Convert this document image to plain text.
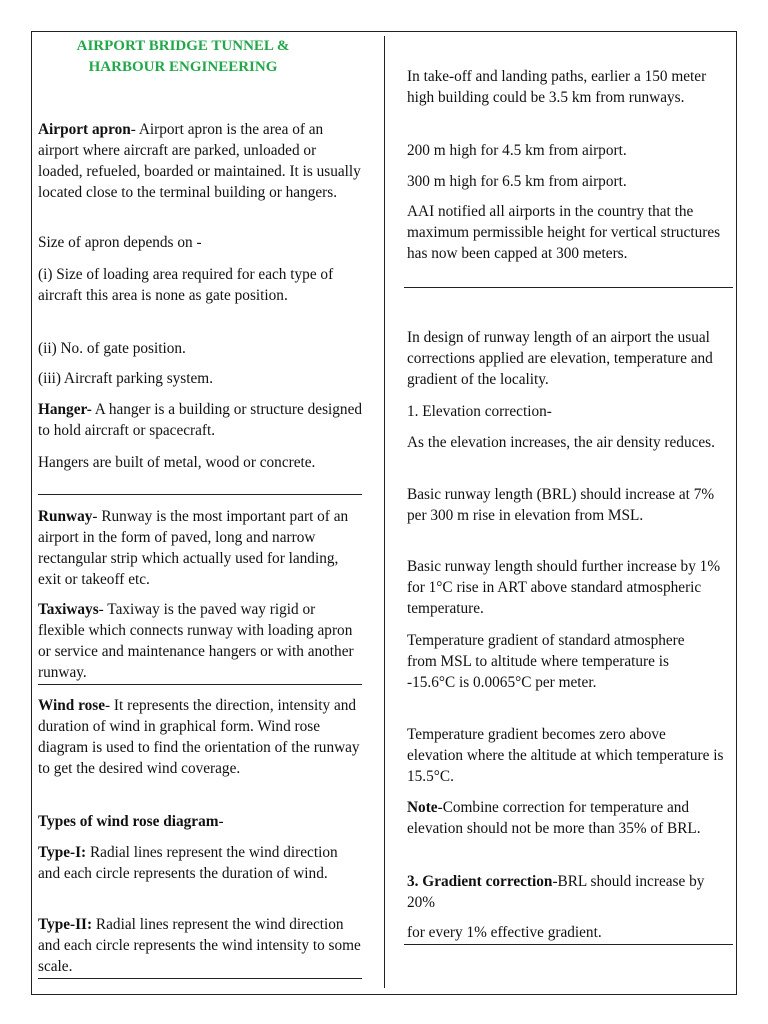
AIRPORT BRIDGE TUNNEL &

HARBOUR ENGINEERING

Airport apron- Airport apron is the area of an airport where aircraft are parked, unloaded or loaded, refueled, boarded or maintained. It is usually located close to the terminal building or hangers.

Size of apron depends on -

(i) Size of loading area required for each type of aircraft this area is none as gate position.

(ii) No. of gate position.

(iii) Aircraft parking system.

Hanger- A hanger is a building or structure designed to hold aircraft or spacecraft.

Hangers are built of metal, wood or concrete.

Runway- Runway is the most important part of an airport in the form of paved, long and narrow rectangular strip which actually used for landing, exit or takeoff etc.

Taxiways- Taxiway is the paved way rigid or flexible which connects runway with loading apron or service and maintenance hangers or with another runway.

Wind rose- It represents the direction, intensity and duration of wind in graphical form. Wind rose diagram is used to find the orientation of the runway to get the desired wind coverage.

Types of wind rose diagram-

Type-I: Radial lines represent the wind direction and each circle represents the duration of wind.

Type-II: Radial lines represent the wind direction and each circle represents the wind intensity to some scale.

In take-off and landing paths, earlier a 150 meter high building could be 3.5 km from runways.

200 m high for 4.5 km from airport.

300 m high for 6.5 km from airport.

AAI notified all airports in the country that the maximum permissible height for vertical structures has now been capped at 300 meters.

In design of runway length of an airport the usual corrections applied are elevation, temperature and gradient of the locality.

1. Elevation correction-

As the elevation increases, the air density reduces.

Basic runway length (BRL) should increase at 7% per 300 m rise in elevation from MSL.

Basic runway length should further increase by 1% for 1°C rise in ART above standard atmospheric temperature.

Temperature gradient of standard atmosphere from MSL to altitude where temperature is -15.6°C is 0.0065°C per meter.

Temperature gradient becomes zero above elevation where the altitude at which temperature is 15.5°C.

Note-Combine correction for temperature and elevation should not be more than 35% of BRL.

3. Gradient correction-BRL should increase by 20%

for every 1% effective gradient.
